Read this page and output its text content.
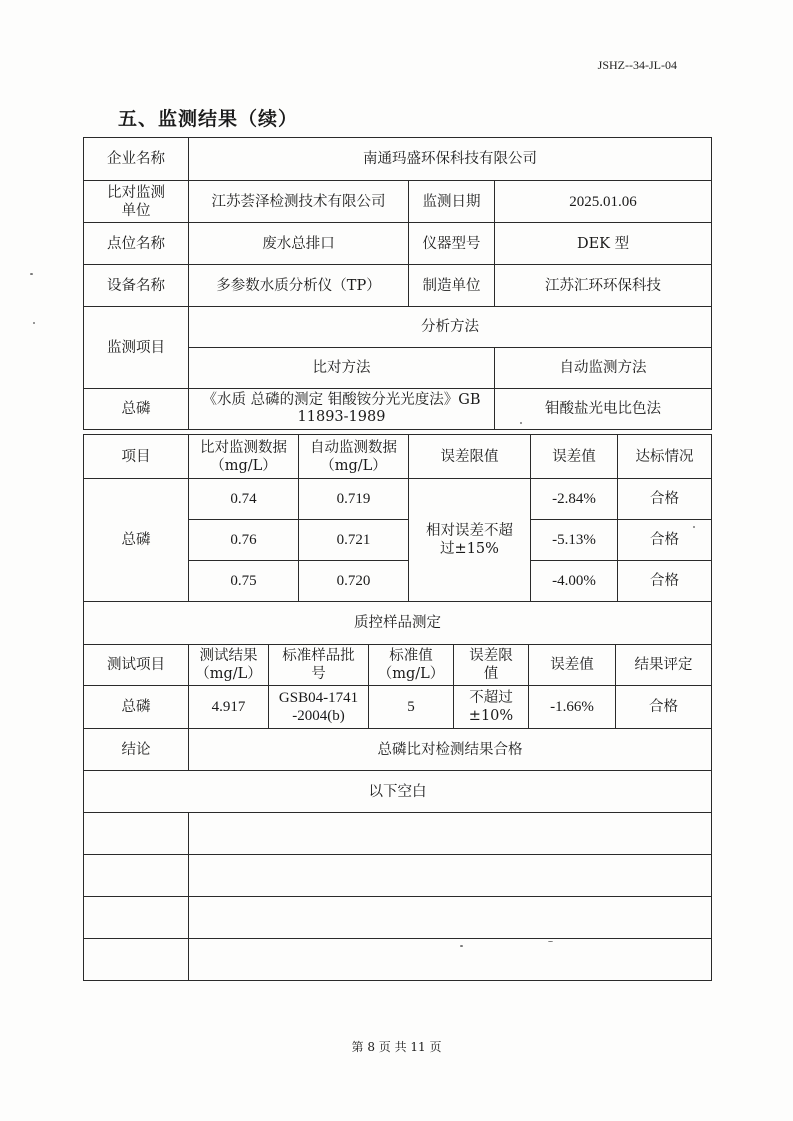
JSHZ--34-JL-04
五、监测结果（续）
企业名称	南通玛盛环保科技有限公司		
比对监测单位	江苏荟泽检测技术有限公司	监测日期	2025.01.06
点位名称	废水总排口	仪器型号	DEK 型
设备名称	多参数水质分析仪（TP）	制造单位	江苏汇环环保科技
监测项目	分析方法		
	比对方法		自动监测方法
总磷	《水质 总磷的测定 钼酸铵分光光度法》GB 11893-1989		钼酸盐光电比色法
项目	比对监测数据（mg/L）	自动监测数据（mg/L）	误差限值	误差值	达标情况
总磷	0.74	0.719	相对误差不超过±15%	-2.84%	合格
	0.76	0.721		-5.13%	合格
	0.75	0.720		-4.00%	合格
质控样品测定						
测试项目	测试结果（mg/L）	标准样品批号	标准值（mg/L）	误差限值	误差值	结果评定
总磷	4.917	GSB04-1741-2004(b)	5	不超过±10%	-1.66%	合格
结论	总磷比对检测结果合格
以下空白	

第 8 页 共 11 页
